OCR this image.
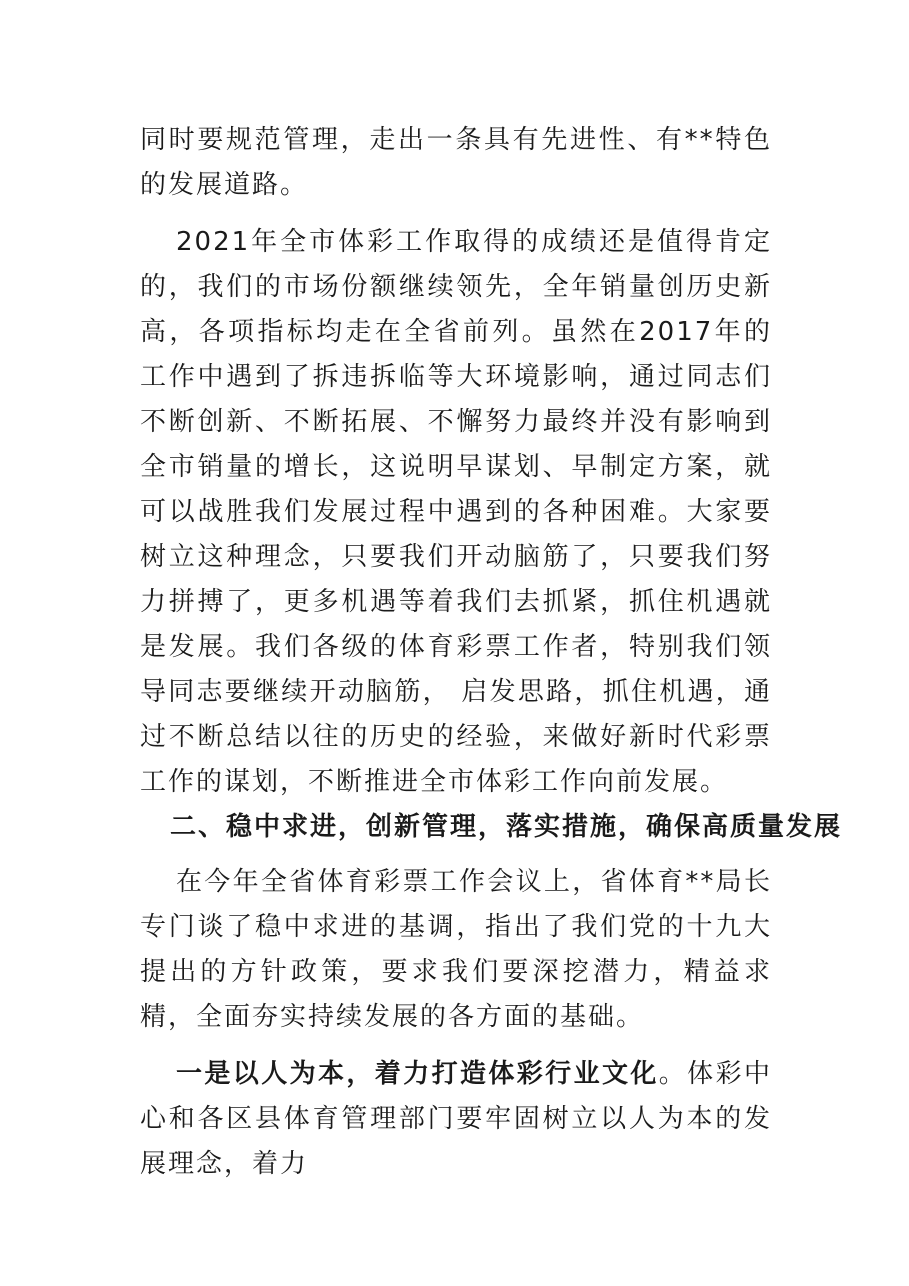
同时要规范管理，走出一条具有先进性、有**特色的发展道路。

2021年全市体彩工作取得的成绩还是值得肯定的，我们的市场份额继续领先，全年销量创历史新高，各项指标均走在全省前列。虽然在2017年的工作中遇到了拆违拆临等大环境影响，通过同志们不断创新、不断拓展、不懈努力最终并没有影响到全市销量的增长，这说明早谋划、早制定方案，就可以战胜我们发展过程中遇到的各种困难。大家要树立这种理念，只要我们开动脑筋了，只要我们努力拼搏了，更多机遇等着我们去抓紧，抓住机遇就是发展。我们各级的体育彩票工作者，特别我们领导同志要继续开动脑筋， 启发思路，抓住机遇，通过不断总结以往的历史的经验，来做好新时代彩票工作的谋划，不断推进全市体彩工作向前发展。

二、稳中求进，创新管理，落实措施，确保高质量发展

在今年全省体育彩票工作会议上，省体育**局长专门谈了稳中求进的基调，指出了我们党的十九大提出的方针政策，要求我们要深挖潜力，精益求精，全面夯实持续发展的各方面的基础。

一是以人为本，着力打造体彩行业文化。体彩中心和各区县体育管理部门要牢固树立以人为本的发展理念，着力
